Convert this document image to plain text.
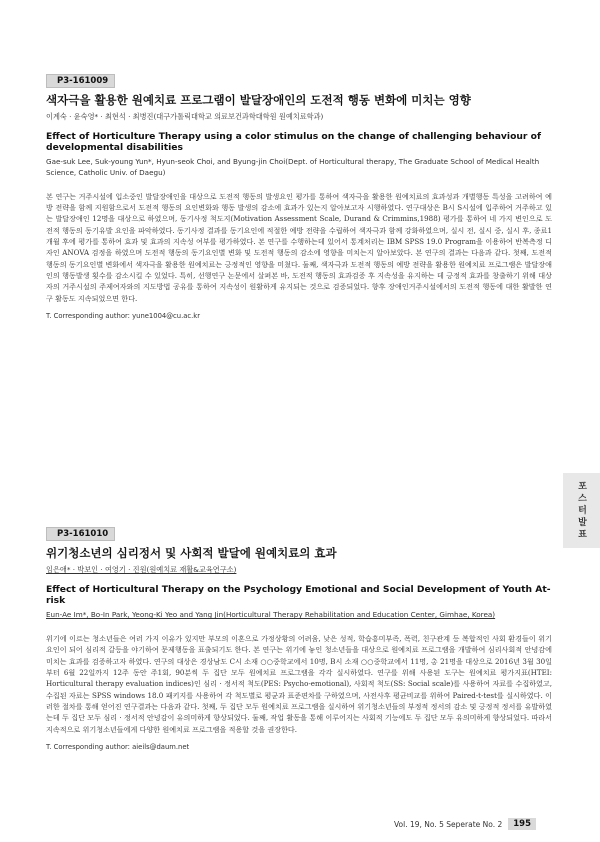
P3-161009
색자극을 활용한 원예치료 프로그램이 발달장애인의 도전적 행동 변화에 미치는 영향
이계숙 · 윤숙영* · 최현석 · 최병진(대구가톨릭대학교 의료보건과학대학원 원예치료학과)
Effect of Horticulture Therapy using a color stimulus on the change of challenging behaviour of developmental disabilities
Gae-suk Lee, Suk-young Yun*, Hyun-seok Choi, and Byung-jin Choi(Dept. of Horticultural therapy, The Graduate School of Medical Health Science, Catholic Univ. of Daegu)
본 연구는 거주시설에 입소중인 발달장애인을 대상으로 도전적 행동의 발생요인 평가를 통하여 색자극을 활용한 원예치료의 효과성과 개별행동 특성을 고려하여 예방 전략을 함께 지원함으로서 도전적 행동의 요인변화와 행동 발생의 감소에 효과가 있는지 알아보고자 시행하였다. 연구대상은 B시 S시설에 입주하여 거주하고 있는 발달장애인 12명을 대상으로 하였으며, 동기사정 척도지(Motivation Assessment Scale, Durand & Crimmins,1988) 평가를 통하여 네 가지 변인으로 도전적 행동의 동기유발 요인을 파악하였다. 동기사정 결과를 동기요인에 적절한 예방 전략을 수립하여 색자극과 함께 강화하였으며, 실시 전, 실시 중, 실시 후, 종료1개월 후에 평가를 통하여 효과 및 효과의 지속성 여부를 평가하였다. 본 연구를 수행하는데 있어서 통계처리는 IBM SPSS 19.0 Program을 이용하여 반복측정 디자인 ANOVA 검정을 하였으며 도전적 행동의 동기요인별 변화 및 도전적 행동의 감소에 영향을 미치는지 알아보았다. 본 연구의 결과는 다음과 같다. 첫째, 도전적 행동의 동기요인별 변화에서 색자극을 활용한 원예치료는 긍정적인 영향을 미쳤다. 둘째, 색자극과 도전적 행동의 예방 전략을 활용한 원예치료 프로그램은 발달장애인의 행동발생 횟수를 감소시킬 수 있었다. 특히, 선행연구 논문에서 살펴본 바, 도전적 행동의 효과검증 후 지속성을 유지하는 데 긍정적 효과를 창출하기 위해 대상자의 거주시설의 주제여자와의 지도방법 공유를 통하여 지속성이 원활하게 유지되는 것으로 검증되었다. 향후 장애인거주시설에서의 도전적 행동에 대한 활발한 연구 활동도 지속되었으면 한다.
T. Corresponding author: yune1004@cu.ac.kr
포스터발표
P3-161010
위기청소년의 심리정서 및 사회적 발달에 원예치료의 효과
임은애* · 박보인 · 여영기 · 진원(원예치료 재활&교육연구소)
Effect of Horticultural Therapy on the Psychology Emotional and Social Development of Youth At-risk
Eun-Ae Im*, Bo-In Park, Yeong-Ki Yeo and Yang Jin(Horticultural Therapy Rehabilitation and Education Center, Gimhae, Korea)
위기에 이르는 청소년들은 여러 가지 이유가 있지만 부모의 이혼으로 가정상황의 어려움, 낮은 성적, 학습흥미부족, 폭력, 친구관계 등 복합적인 사회 환경들이 위기 요인이 되어 심리적 갈등을 야기하여 문제행동을 표출되기도 한다. 본 연구는 위기에 놓인 청소년들을 대상으로 원예치료 프로그램을 개발하여 심리사회적 안녕감에 미치는 효과를 검증하고자 하였다. 연구의 대상은 경상남도 C시 소재 ○○중학교에서 10명, B시 소재 ○○중학교에서 11명, 총 21명을 대상으로 2016년 3월 30일부터 6월 22일까지 12주 동안 주1회, 90분씩 두 집단 모두 원예치료 프로그램을 각각 실시하였다. 연구를 위해 사용된 도구는 원예치료 평가지표(HTEI: Horticultural therapy evaluation indices)인 심리 · 정서적 척도(PES: Psycho-emotional), 사회적 척도(SS: Social scale)를 사용하여 자료를 수집하였고, 수집된 자료는 SPSS windows 18.0 패키지를 사용하여 각 척도별로 평균과 표준편차를 구하였으며, 사전사후 평균비교를 위하여 Paired-t-test를 실시하였다. 이러한 절차를 통해 얻어진 연구결과는 다음과 같다. 첫째, 두 집단 모두 원예치료 프로그램을 실시하여 위기청소년들의 부정적 정서의 감소 및 긍정적 정서를 유발하였는데 두 집단 모두 심리 · 정서적 안녕감이 유의미하게 향상되었다. 둘째, 작업 활동을 통해 이루어지는 사회적 기능에도 두 집단 모두 유의미하게 향상되었다. 따라서 지속적으로 위기청소년들에게 다양한 원예치료 프로그램을 적용할 것을 권장한다.
T. Corresponding author: aieils@daum.net
Vol. 19, No. 5 Seperate No. 2	195
